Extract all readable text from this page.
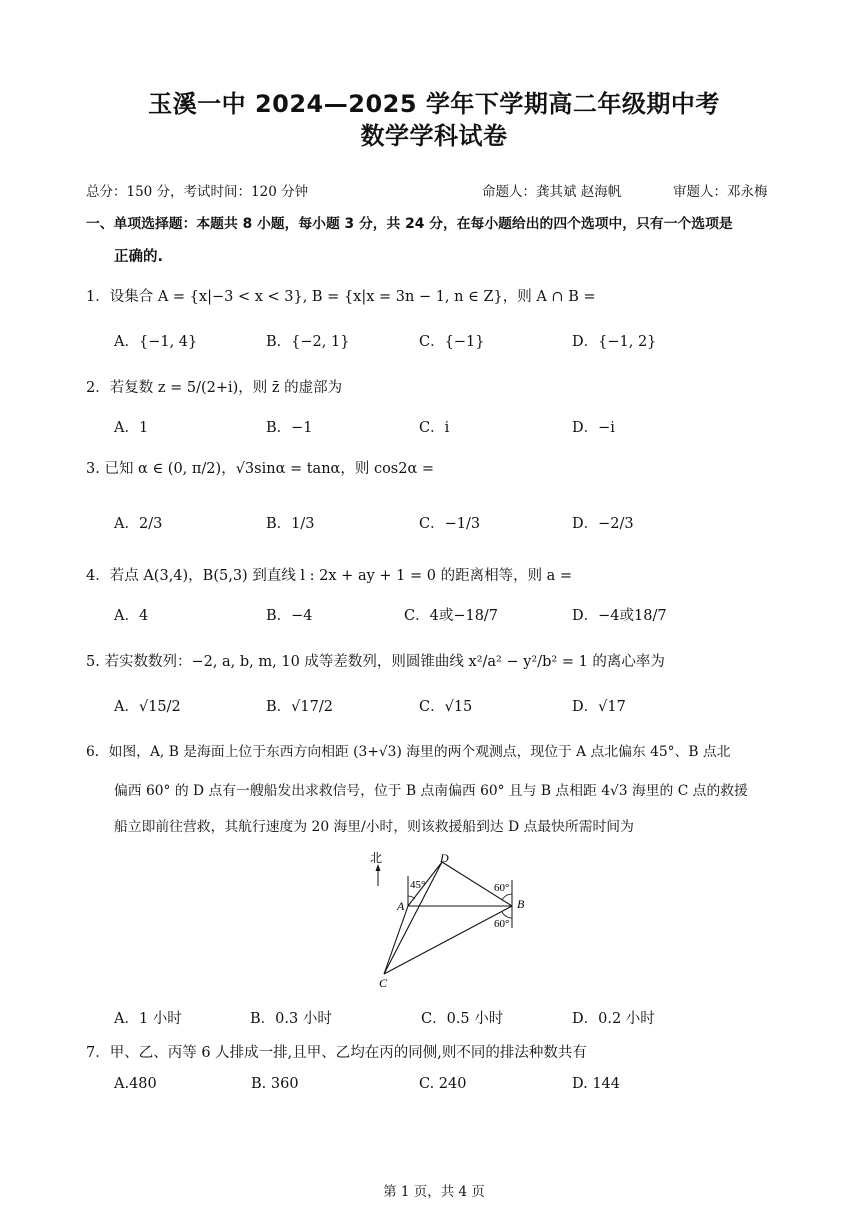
玉溪一中 2024—2025 学年下学期高二年级期中考
数学学科试卷
总分：150 分，考试时间：120 分钟	命题人：龚其斌 赵海帆	审题人：邓永梅
一、单项选择题：本题共 8 小题，每小题 3 分，共 24 分，在每小题给出的四个选项中，只有一个选项是
正确的.
1．设集合 A = {x|−3 < x < 3}, B = {x|x = 3n − 1, n ∈ Z}，则 A ∩ B =
A．{−1, 4}	B．{−2, 1}	C．{−1}	D．{−1, 2}
2．若复数 z = 5/(2+i)，则 z̄ 的虚部为
A．1	B．−1	C．i	D．−i
3. 已知 α ∈ (0, π/2)，√3sinα = tanα，则 cos2α =
A．2/3	B．1/3	C．−1/3	D．−2/3
4．若点 A(3,4)，B(5,3) 到直线 l : 2x + ay + 1 = 0 的距离相等，则 a =
A．4	B．−4	C．4或−18/7	D．−4或18/7
5. 若实数数列：−2, a, b, m, 10 成等差数列，则圆锥曲线 x²/a² − y²/b² = 1 的离心率为
A．√15/2	B．√17/2	C．√15	D．√17
6．如图，A, B 是海面上位于东西方向相距 (3+√3) 海里的两个观测点，现位于 A 点北偏东 45°、B 点北
偏西 60° 的 D 点有一艘船发出求救信号，位于 B 点南偏西 60° 且与 B 点相距 4√3 海里的 C 点的救援
船立即前往营救，其航行速度为 20 海里/小时，则该救援船到达 D 点最快所需时间为
北	D
A	B
C
45°	60°
60°
A．1 小时	B．0.3 小时	C．0.5 小时	D．0.2 小时
7．甲、乙、丙等 6 人排成一排,且甲、乙均在丙的同侧,则不同的排法种数共有
A.480	B. 360	C. 240	D. 144
第 1 页，共 4 页
